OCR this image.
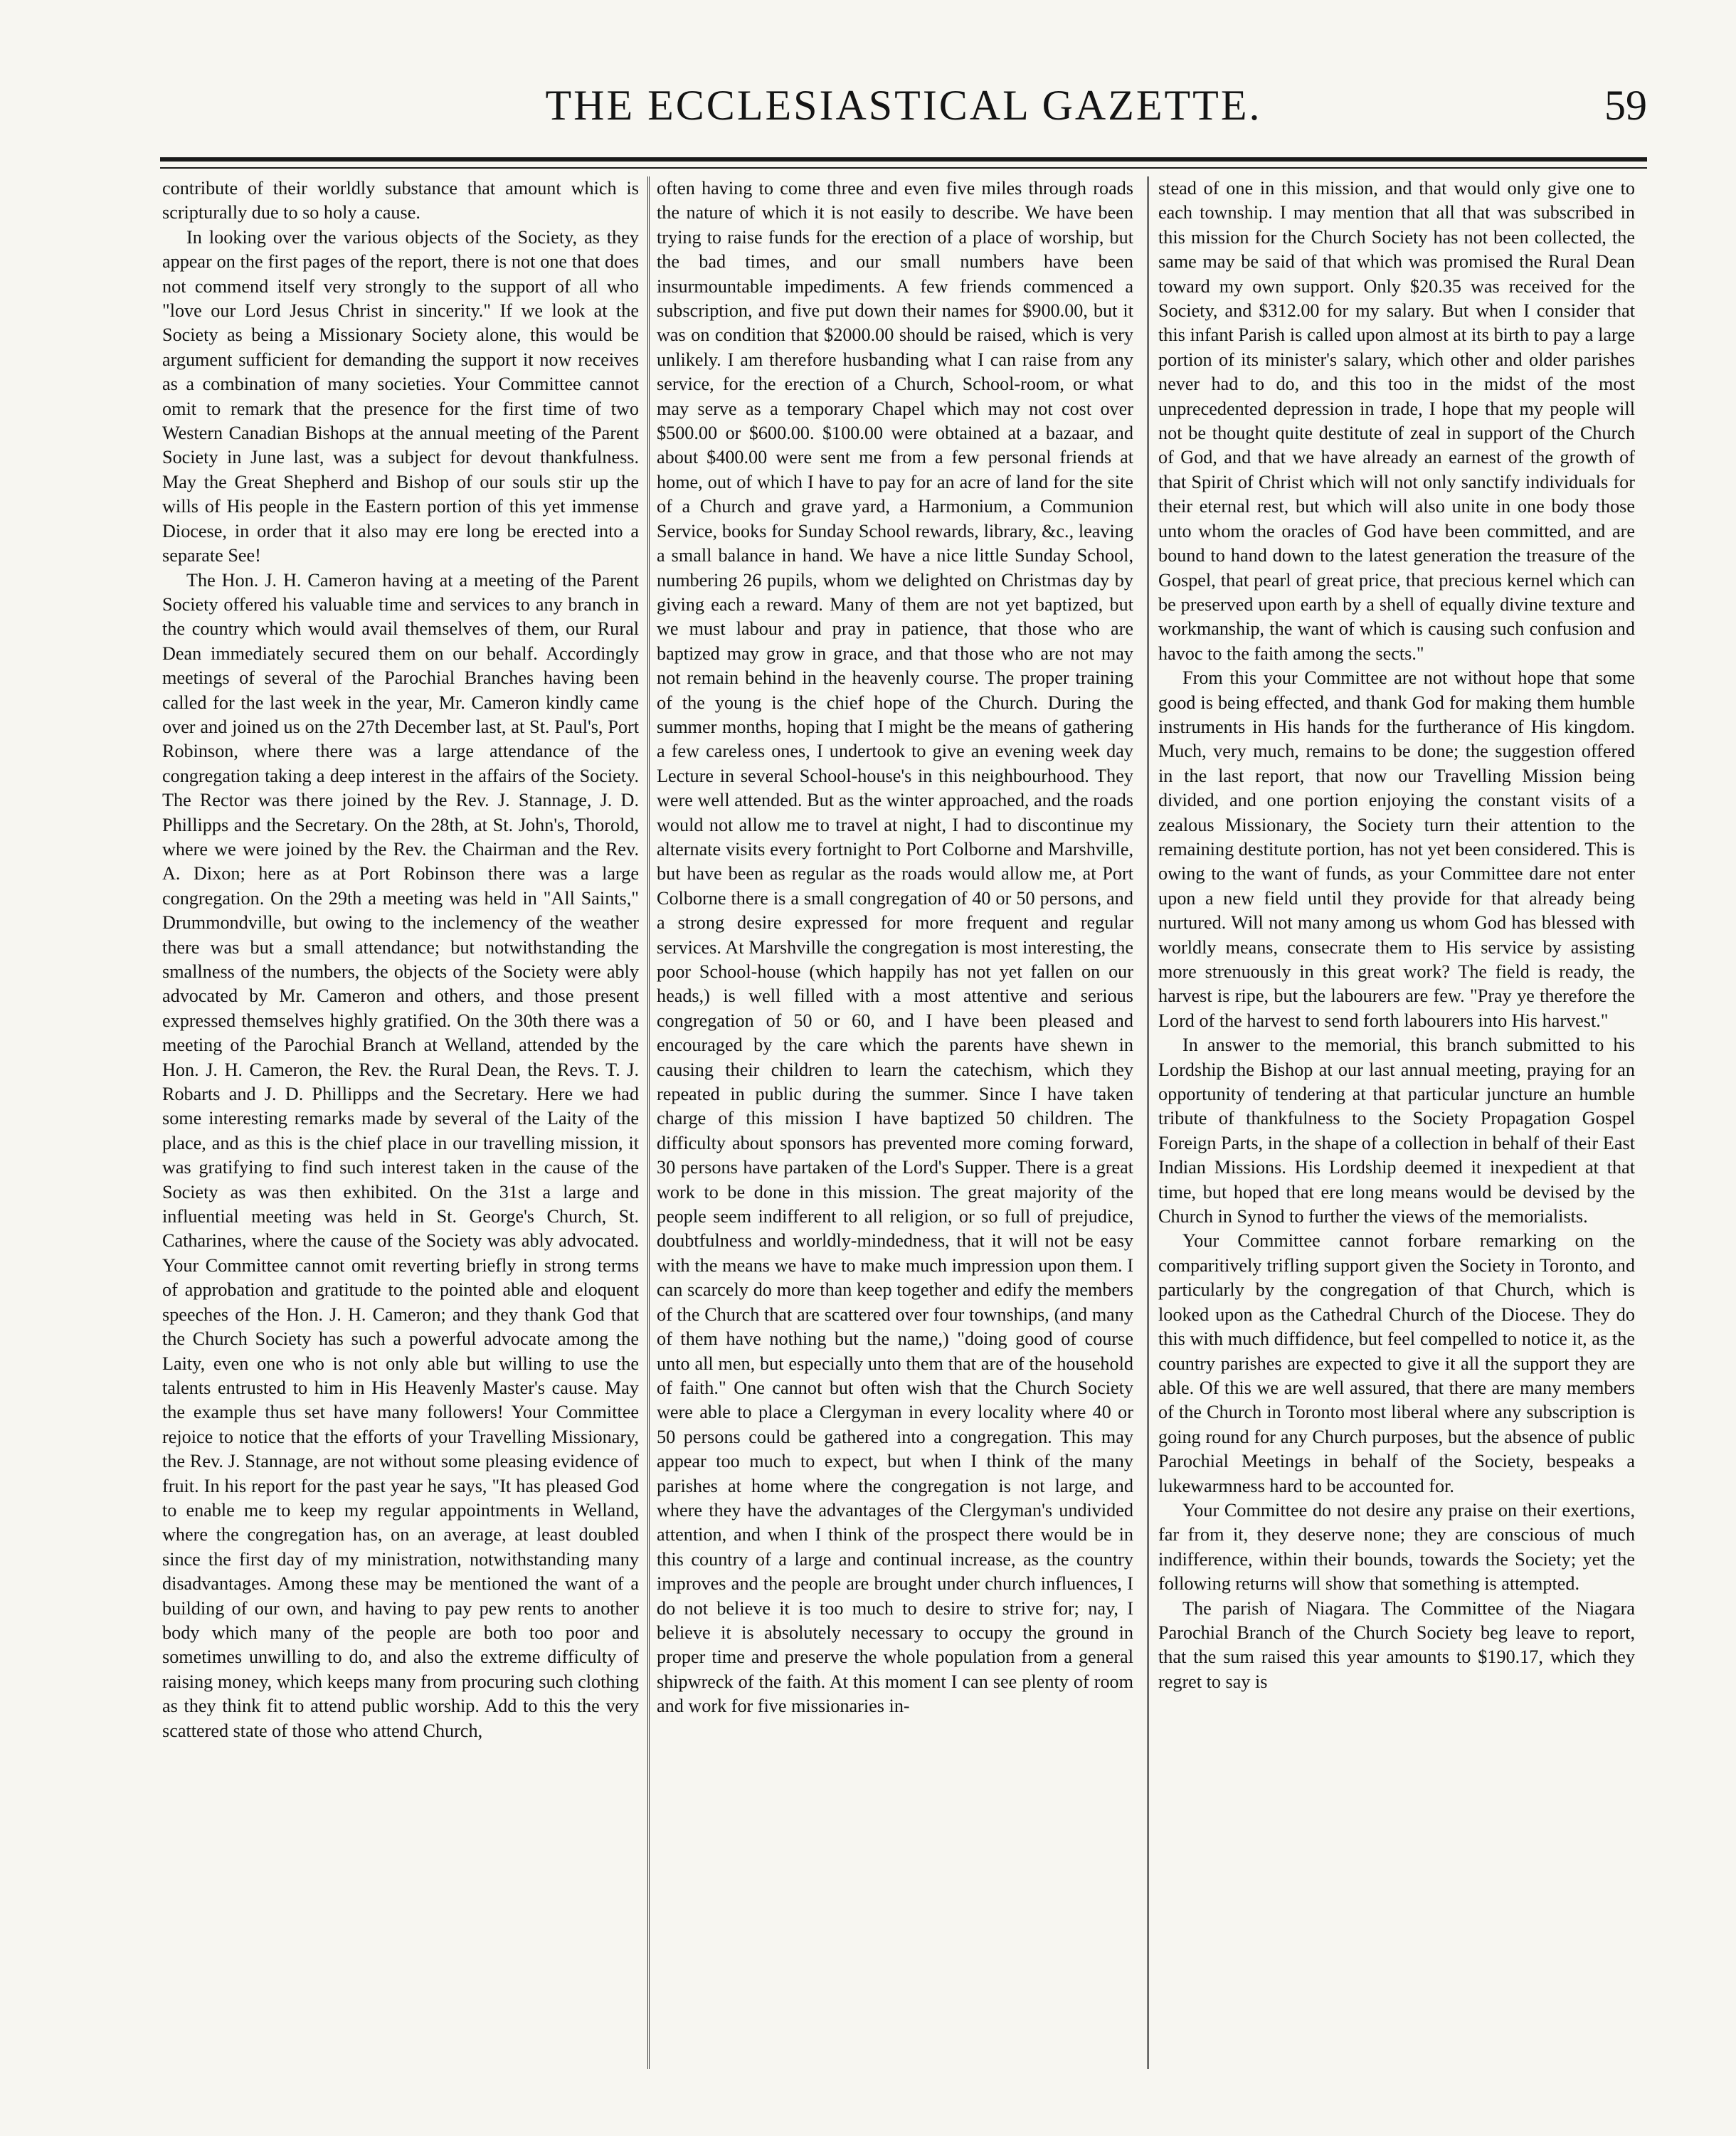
THE ECCLESIASTICAL GAZETTE.	59

contribute of their worldly substance that amount which is scripturally due to so holy a cause.

In looking over the various objects of the Society, as they appear on the first pages of the report, there is not one that does not commend itself very strongly to the support of all who "love our Lord Jesus Christ in sincerity." If we look at the Society as being a Missionary Society alone, this would be argument sufficient for demanding the support it now receives as a combination of many societies. Your Committee cannot omit to remark that the presence for the first time of two Western Canadian Bishops at the annual meeting of the Parent Society in June last, was a subject for devout thankfulness. May the Great Shepherd and Bishop of our souls stir up the wills of His people in the Eastern portion of this yet immense Diocese, in order that it also may ere long be erected into a separate See!

The Hon. J. H. Cameron having at a meeting of the Parent Society offered his valuable time and services to any branch in the country which would avail themselves of them, our Rural Dean immediately secured them on our behalf. Accordingly meetings of several of the Parochial Branches having been called for the last week in the year, Mr. Cameron kindly came over and joined us on the 27th December last, at St. Paul's, Port Robinson, where there was a large attendance of the congregation taking a deep interest in the affairs of the Society. The Rector was there joined by the Rev. J. Stannage, J. D. Phillipps and the Secretary. On the 28th, at St. John's, Thorold, where we were joined by the Rev. the Chairman and the Rev. A. Dixon; here as at Port Robinson there was a large congregation. On the 29th a meeting was held in "All Saints," Drummondville, but owing to the inclemency of the weather there was but a small attendance; but notwithstanding the smallness of the numbers, the objects of the Society were ably advocated by Mr. Cameron and others, and those present expressed themselves highly gratified. On the 30th there was a meeting of the Parochial Branch at Welland, attended by the Hon. J. H. Cameron, the Rev. the Rural Dean, the Revs. T. J. Robarts and J. D. Phillipps and the Secretary. Here we had some interesting remarks made by several of the Laity of the place, and as this is the chief place in our travelling mission, it was gratifying to find such interest taken in the cause of the Society as was then exhibited. On the 31st a large and influential meeting was held in St. George's Church, St. Catharines, where the cause of the Society was ably advocated. Your Committee cannot omit reverting briefly in strong terms of approbation and gratitude to the pointed able and eloquent speeches of the Hon. J. H. Cameron; and they thank God that the Church Society has such a powerful advocate among the Laity, even one who is not only able but willing to use the talents entrusted to him in His Heavenly Master's cause. May the example thus set have many followers! Your Committee rejoice to notice that the efforts of your Travelling Missionary, the Rev. J. Stannage, are not without some pleasing evidence of fruit. In his report for the past year he says, "It has pleased God to enable me to keep my regular appointments in Welland, where the congregation has, on an average, at least doubled since the first day of my ministration, notwithstanding many disadvantages. Among these may be mentioned the want of a building of our own, and having to pay pew rents to another body which many of the people are both too poor and sometimes unwilling to do, and also the extreme difficulty of raising money, which keeps many from procuring such clothing as they think fit to attend public worship. Add to this the very scattered state of those who attend Church,

often having to come three and even five miles through roads the nature of which it is not easily to describe. We have been trying to raise funds for the erection of a place of worship, but the bad times, and our small numbers have been insurmountable impediments. A few friends commenced a subscription, and five put down their names for $900.00, but it was on condition that $2000.00 should be raised, which is very unlikely. I am therefore husbanding what I can raise from any service, for the erection of a Church, School-room, or what may serve as a temporary Chapel which may not cost over $500.00 or $600.00. $100.00 were obtained at a bazaar, and about $400.00 were sent me from a few personal friends at home, out of which I have to pay for an acre of land for the site of a Church and grave yard, a Harmonium, a Communion Service, books for Sunday School rewards, library, &c., leaving a small balance in hand. We have a nice little Sunday School, numbering 26 pupils, whom we delighted on Christmas day by giving each a reward. Many of them are not yet baptized, but we must labour and pray in patience, that those who are baptized may grow in grace, and that those who are not may not remain behind in the heavenly course. The proper training of the young is the chief hope of the Church. During the summer months, hoping that I might be the means of gathering a few careless ones, I undertook to give an evening week day Lecture in several School-house's in this neighbourhood. They were well attended. But as the winter approached, and the roads would not allow me to travel at night, I had to discontinue my alternate visits every fortnight to Port Colborne and Marshville, but have been as regular as the roads would allow me, at Port Colborne there is a small congregation of 40 or 50 persons, and a strong desire expressed for more frequent and regular services. At Marshville the congregation is most interesting, the poor School-house (which happily has not yet fallen on our heads,) is well filled with a most attentive and serious congregation of 50 or 60, and I have been pleased and encouraged by the care which the parents have shewn in causing their children to learn the catechism, which they repeated in public during the summer. Since I have taken charge of this mission I have baptized 50 children. The difficulty about sponsors has prevented more coming forward, 30 persons have partaken of the Lord's Supper. There is a great work to be done in this mission. The great majority of the people seem indifferent to all religion, or so full of prejudice, doubtfulness and worldly-mindedness, that it will not be easy with the means we have to make much impression upon them. I can scarcely do more than keep together and edify the members of the Church that are scattered over four townships, (and many of them have nothing but the name,) "doing good of course unto all men, but especially unto them that are of the household of faith." One cannot but often wish that the Church Society were able to place a Clergyman in every locality where 40 or 50 persons could be gathered into a congregation. This may appear too much to expect, but when I think of the many parishes at home where the congregation is not large, and where they have the advantages of the Clergyman's undivided attention, and when I think of the prospect there would be in this country of a large and continual increase, as the country improves and the people are brought under church influences, I do not believe it is too much to desire to strive for; nay, I believe it is absolutely necessary to occupy the ground in proper time and preserve the whole population from a general shipwreck of the faith. At this moment I can see plenty of room and work for five missionaries in-

stead of one in this mission, and that would only give one to each township. I may mention that all that was subscribed in this mission for the Church Society has not been collected, the same may be said of that which was promised the Rural Dean toward my own support. Only $20.35 was received for the Society, and $312.00 for my salary. But when I consider that this infant Parish is called upon almost at its birth to pay a large portion of its minister's salary, which other and older parishes never had to do, and this too in the midst of the most unprecedented depression in trade, I hope that my people will not be thought quite destitute of zeal in support of the Church of God, and that we have already an earnest of the growth of that Spirit of Christ which will not only sanctify individuals for their eternal rest, but which will also unite in one body those unto whom the oracles of God have been committed, and are bound to hand down to the latest generation the treasure of the Gospel, that pearl of great price, that precious kernel which can be preserved upon earth by a shell of equally divine texture and workmanship, the want of which is causing such confusion and havoc to the faith among the sects."

From this your Committee are not without hope that some good is being effected, and thank God for making them humble instruments in His hands for the furtherance of His kingdom. Much, very much, remains to be done; the suggestion offered in the last report, that now our Travelling Mission being divided, and one portion enjoying the constant visits of a zealous Missionary, the Society turn their attention to the remaining destitute portion, has not yet been considered. This is owing to the want of funds, as your Committee dare not enter upon a new field until they provide for that already being nurtured. Will not many among us whom God has blessed with worldly means, consecrate them to His service by assisting more strenuously in this great work? The field is ready, the harvest is ripe, but the labourers are few. "Pray ye therefore the Lord of the harvest to send forth labourers into His harvest."

In answer to the memorial, this branch submitted to his Lordship the Bishop at our last annual meeting, praying for an opportunity of tendering at that particular juncture an humble tribute of thankfulness to the Society Propagation Gospel Foreign Parts, in the shape of a collection in behalf of their East Indian Missions. His Lordship deemed it inexpedient at that time, but hoped that ere long means would be devised by the Church in Synod to further the views of the memorialists.

Your Committee cannot forbare remarking on the comparitively trifling support given the Society in Toronto, and particularly by the congregation of that Church, which is looked upon as the Cathedral Church of the Diocese. They do this with much diffidence, but feel compelled to notice it, as the country parishes are expected to give it all the support they are able. Of this we are well assured, that there are many members of the Church in Toronto most liberal where any subscription is going round for any Church purposes, but the absence of public Parochial Meetings in behalf of the Society, bespeaks a lukewarmness hard to be accounted for.

Your Committee do not desire any praise on their exertions, far from it, they deserve none; they are conscious of much indifference, within their bounds, towards the Society; yet the following returns will show that something is attempted.

The parish of Niagara. The Committee of the Niagara Parochial Branch of the Church Society beg leave to report, that the sum raised this year amounts to $190.17, which they regret to say is
